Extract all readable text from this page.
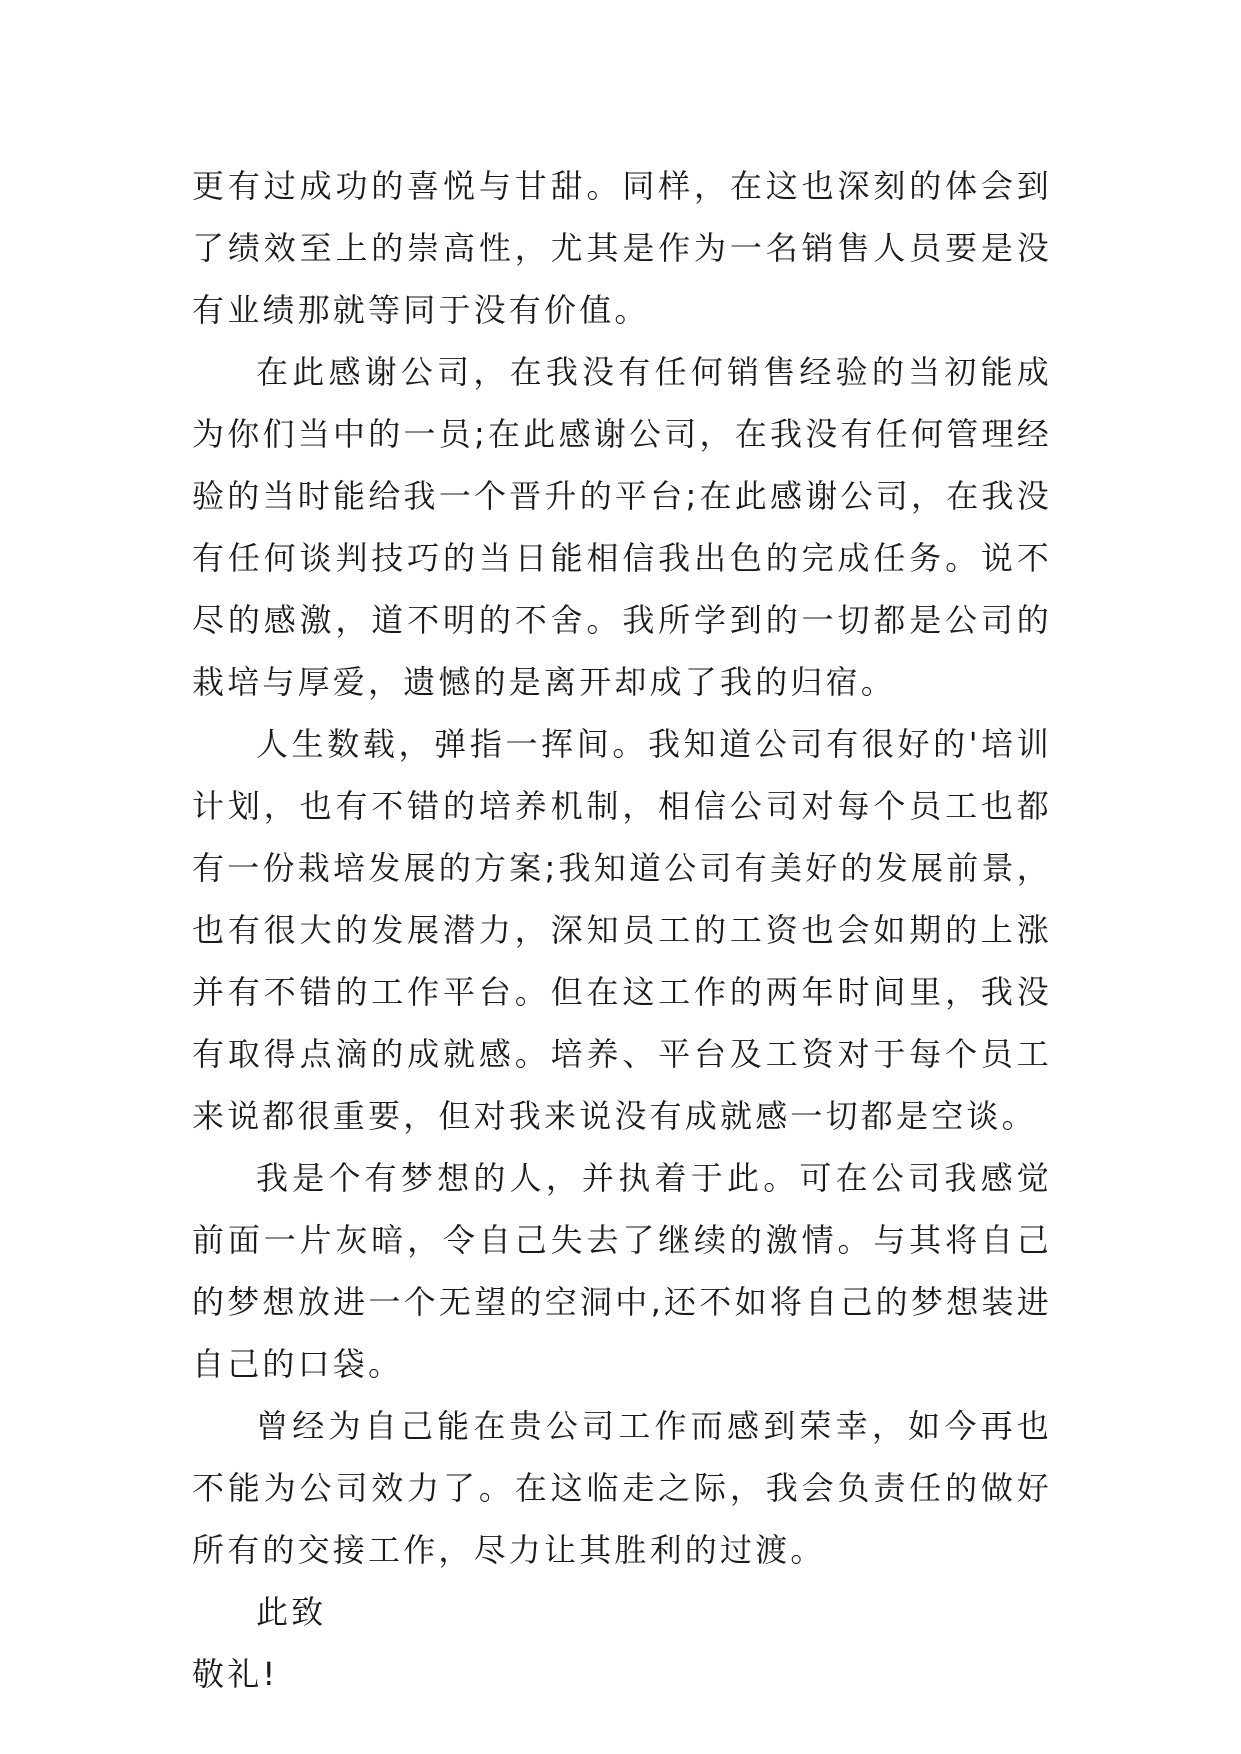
更有过成功的喜悦与甘甜。同样，在这也深刻的体会到了绩效至上的崇高性，尤其是作为一名销售人员要是没有业绩那就等同于没有价值。

在此感谢公司，在我没有任何销售经验的当初能成为你们当中的一员;在此感谢公司，在我没有任何管理经验的当时能给我一个晋升的平台;在此感谢公司，在我没有任何谈判技巧的当日能相信我出色的完成任务。说不尽的感激，道不明的不舍。我所学到的一切都是公司的栽培与厚爱，遗憾的是离开却成了我的归宿。

人生数载，弹指一挥间。我知道公司有很好的'培训计划，也有不错的培养机制，相信公司对每个员工也都有一份栽培发展的方案;我知道公司有美好的发展前景，也有很大的发展潜力，深知员工的工资也会如期的上涨并有不错的工作平台。但在这工作的两年时间里，我没有取得点滴的成就感。培养、平台及工资对于每个员工来说都很重要，但对我来说没有成就感一切都是空谈。

我是个有梦想的人，并执着于此。可在公司我感觉前面一片灰暗，令自己失去了继续的激情。与其将自己的梦想放进一个无望的空洞中,还不如将自己的梦想装进自己的口袋。

曾经为自己能在贵公司工作而感到荣幸，如今再也不能为公司效力了。在这临走之际，我会负责任的做好所有的交接工作，尽力让其胜利的过渡。

此致

敬礼!
